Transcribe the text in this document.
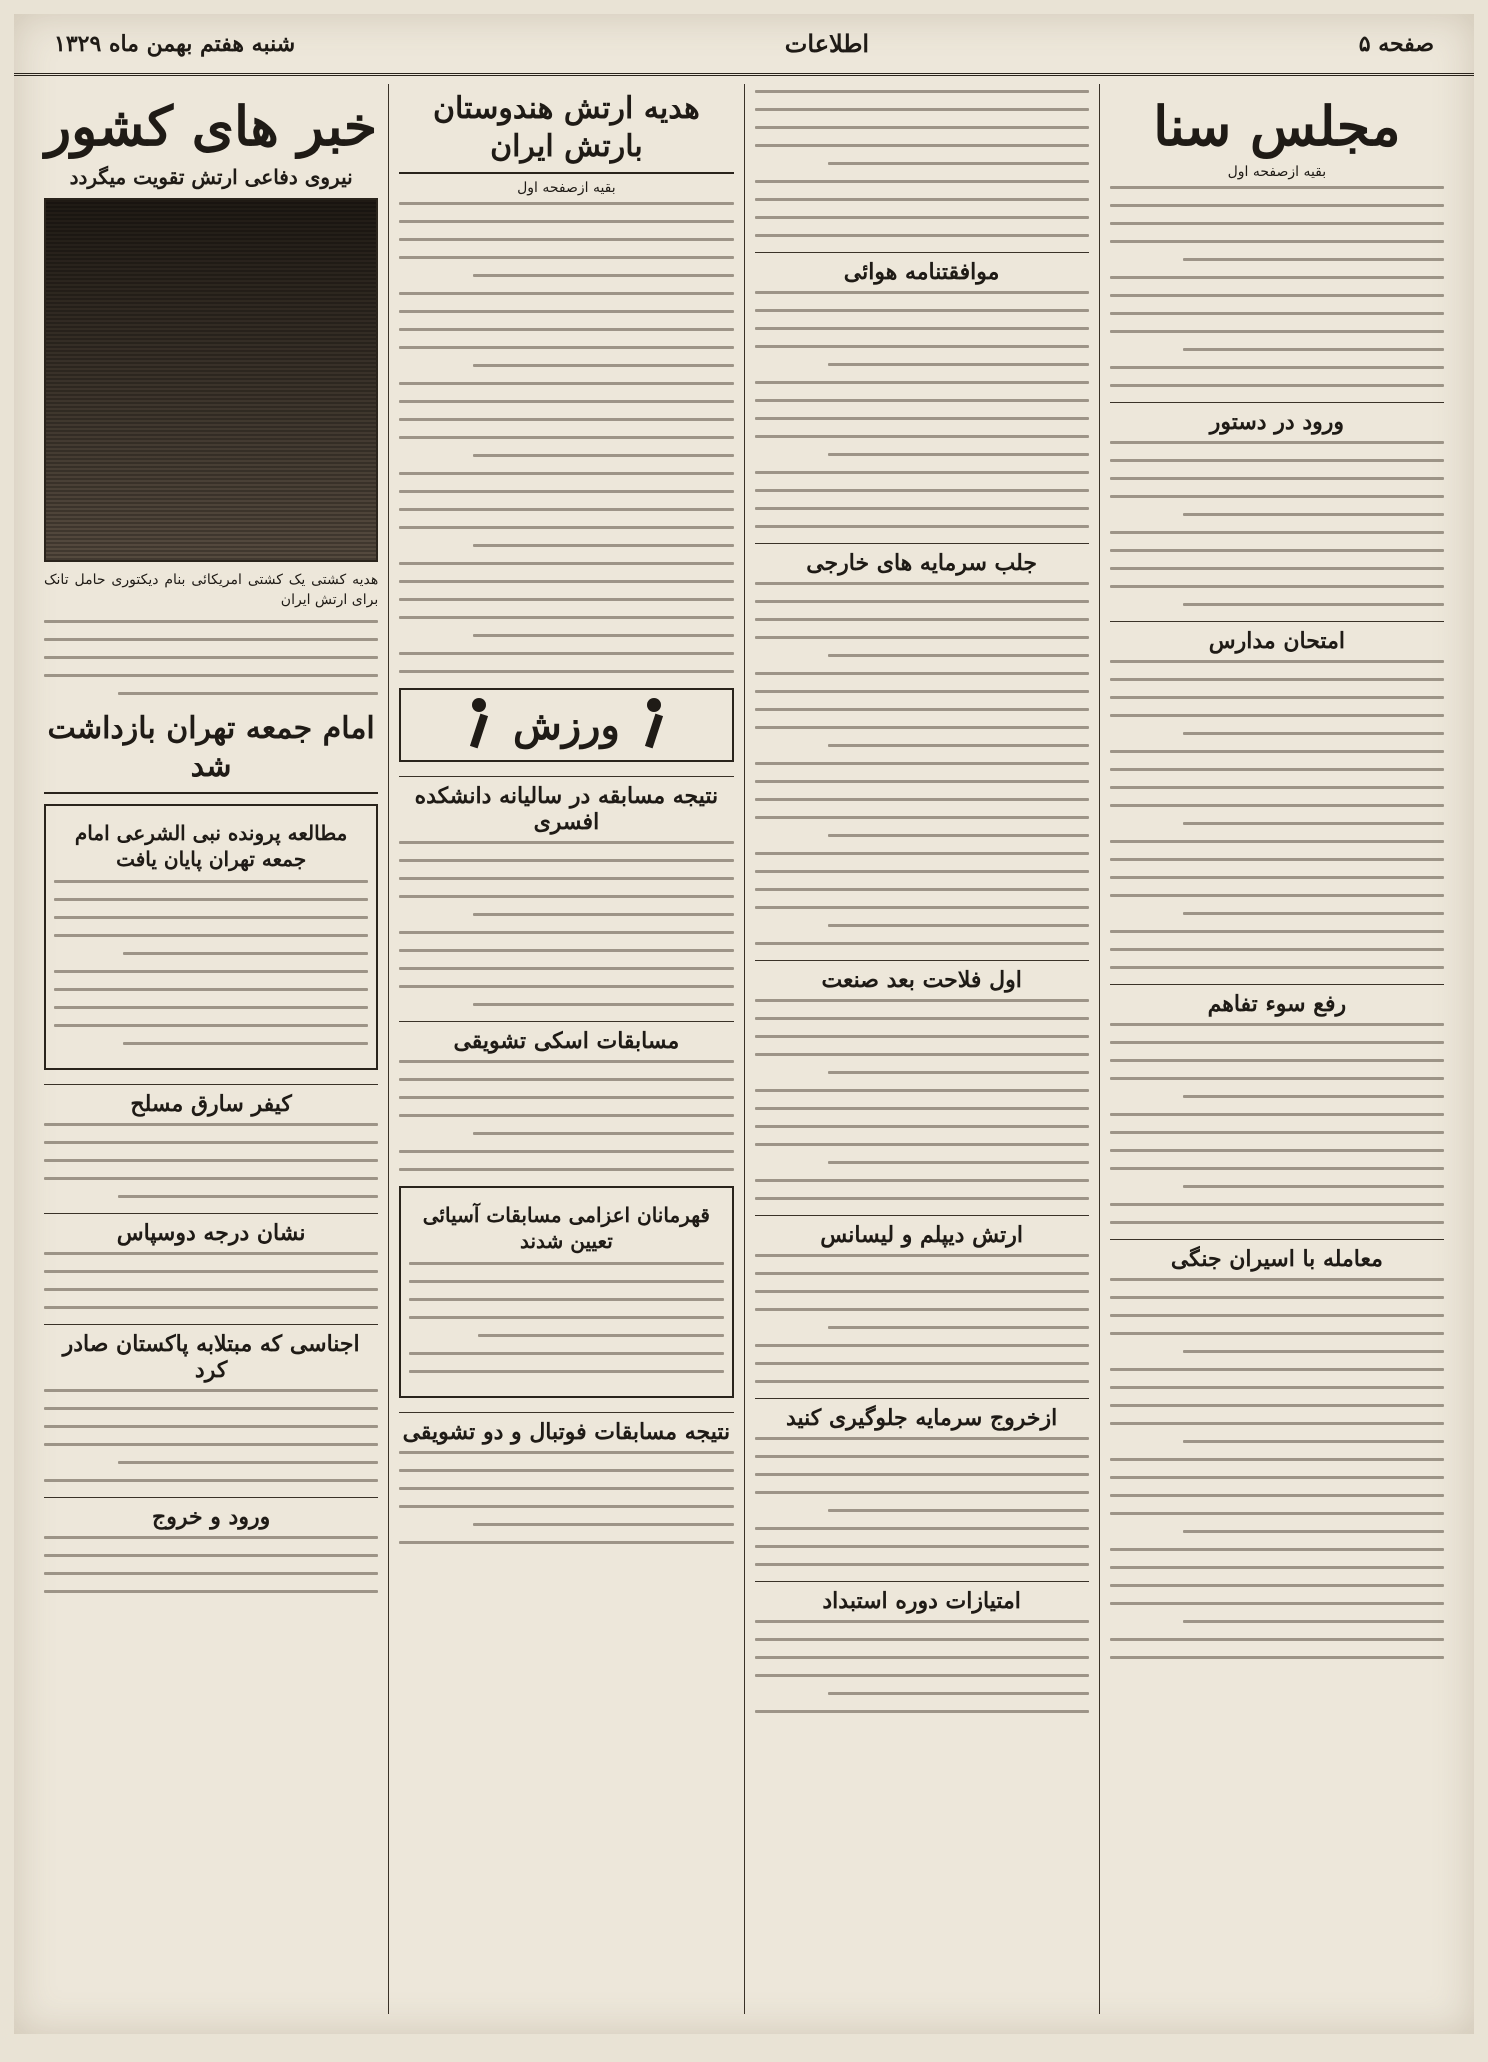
صفحه ۵
اطلاعات
شنبه هفتم بهمن ماه ۱۳۲۹
مجلس سنا
بقیه ازصفحه اول
ورود در دستور
امتحان مدارس
رفع سوء تفاهم
معامله با اسیران جنگی
موافقتنامه هوائی
جلب سرمایه های خارجی
اول فلاحت بعد صنعت
ارتش دیپلم و لیسانس
ازخروج سرمایه جلوگیری کنید
امتیازات دوره استبداد
هدیه ارتش هندوستان بارتش ایران
بقیه ازصفحه اول
ورزش
نتیجه مسابقه در سالیانه دانشکده افسری
مسابقات اسکی تشویقی
قهرمانان اعزامی مسابقات آسیائی تعیین شدند
نتیجه مسابقات فوتبال و دو تشویقی
خبر های کشور
نیروی دفاعی ارتش تقویت میگردد
هدیه کشتی یک کشتی امریکائی بنام دیکتوری حامل تانک برای ارتش ایران
امام جمعه تهران بازداشت شد
مطالعه پرونده نبی الشرعی امام جمعه تهران پایان یافت
کیفر سارق مسلح
نشان درجه دوسپاس
اجناسی که مبتلابه پاکستان صادر کرد
ورود و خروج
